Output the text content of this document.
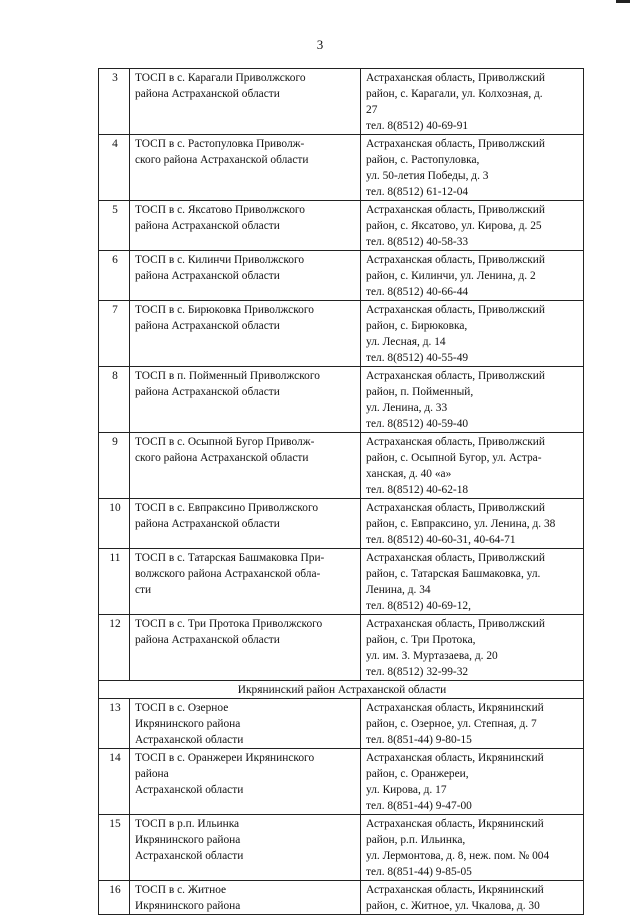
3
3	ТОСП в с. Карагали Приволжского
района Астраханской области	Астраханская область, Приволжский
район, с. Карагали, ул. Колхозная, д.
27
тел. 8(8512) 40-69-91

4	ТОСП в с. Растопуловка Приволж-
ского района Астраханской области	Астраханская область, Приволжский
район, с. Растопуловка,
ул. 50-летия Победы, д. 3
тел. 8(8512) 61-12-04

5	ТОСП в с. Яксатово Приволжского
района Астраханской области	Астраханская область, Приволжский
район, с. Яксатово, ул. Кирова, д. 25
тел. 8(8512) 40-58-33

6	ТОСП в с. Килинчи Приволжского
района Астраханской области	Астраханская область, Приволжский
район, с. Килинчи, ул. Ленина, д. 2
тел. 8(8512) 40-66-44

7	ТОСП в с. Бирюковка Приволжского
района Астраханской области	Астраханская область, Приволжский
район, с. Бирюковка,
ул. Лесная, д. 14
тел. 8(8512) 40-55-49

8	ТОСП в п. Пойменный Приволжского
района Астраханской области	Астраханская область, Приволжский
район, п. Пойменный,
ул. Ленина, д. 33
тел. 8(8512) 40-59-40

9	ТОСП в с. Осыпной Бугор Приволж-
ского района Астраханской области	Астраханская область, Приволжский
район, с. Осыпной Бугор, ул. Астра-
ханская, д. 40 «а»
тел. 8(8512) 40-62-18

10	ТОСП в с. Евпраксино Приволжского
района Астраханской области	Астраханская область, Приволжский
район, с. Евпраксино, ул. Ленина, д. 38
тел. 8(8512) 40-60-31, 40-64-71

11	ТОСП в с. Татарская Башмаковка При-
волжского района Астраханской обла-
сти	Астраханская область, Приволжский
район, с. Татарская Башмаковка, ул.
Ленина, д. 34
тел. 8(8512) 40-69-12,

12	ТОСП в с. Три Протока Приволжского
района Астраханской области	Астраханская область, Приволжский
район, с. Три Протока,
ул. им. З. Муртазаева, д. 20
тел. 8(8512) 32-99-32

Икрянинский район Астраханской области		
13	ТОСП в с. Озерное
Икрянинского района
Астраханской области	Астраханская область, Икрянинский
район, с. Озерное, ул. Степная, д. 7
тел. 8(851-44) 9-80-15

14	ТОСП в с. Оранжереи Икрянинского
района
Астраханской области	Астраханская область, Икрянинский
район, с. Оранжереи,
ул. Кирова, д. 17
тел. 8(851-44) 9-47-00

15	ТОСП в р.п. Ильинка
Икрянинского района
Астраханской области	Астраханская область, Икрянинский
район, р.п. Ильинка,
ул. Лермонтова, д. 8, неж. пом. № 004
тел. 8(851-44) 9-85-05

16	ТОСП в с. Житное
Икрянинского района	Астраханская область, Икрянинский
район, с. Житное, ул. Чкалова, д. 30
